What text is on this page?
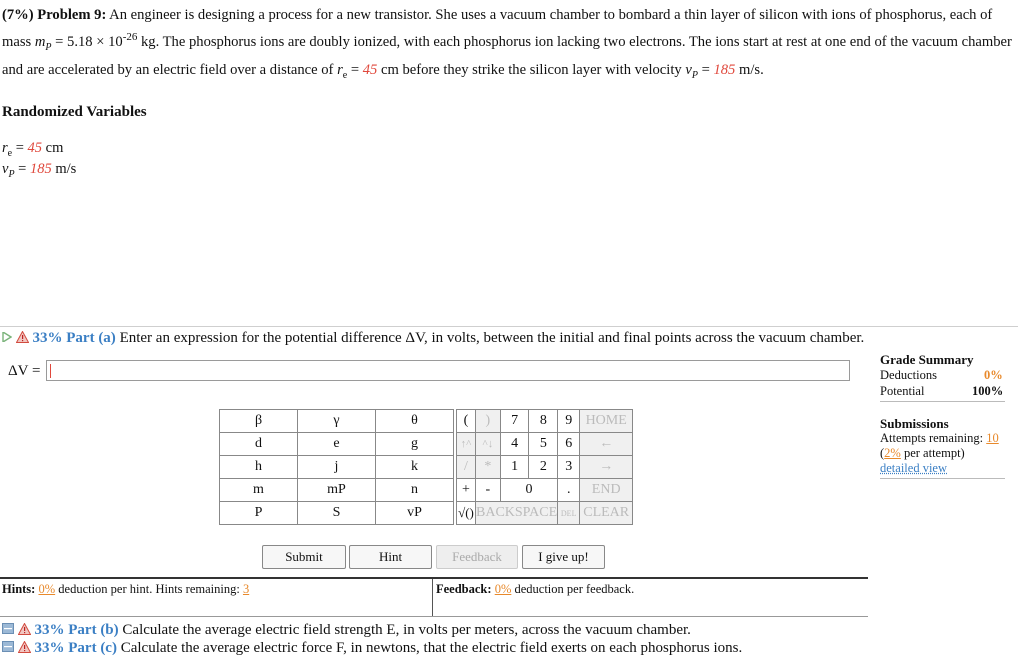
(7%) Problem 9: An engineer is designing a process for a new transistor. She uses a vacuum chamber to bombard a thin layer of silicon with ions of phosphorus, each of mass $m_P = 5.18 \times 10^{-26}$ kg. The phosphorus ions are doubly ionized, with each phosphorus ion lacking two electrons. The ions start at rest at one end of the vacuum chamber and are accelerated by an electric field over a distance of $r_e = 45$ cm before they strike the silicon layer with velocity $v_P = 185$ m/s.
Randomized Variables
$r_e = 45$ cm
$v_P = 185$ m/s
33% Part (a) Enter an expression for the potential difference ΔV, in volts, between the initial and final points across the vacuum chamber.
ΔV =
Grade Summary
Deductions	0%
Potential	100%
Submissions
Attempts remaining: 10
(2% per attempt)
detailed view
β	γ	θ
d	e	g
h	j	k
m	mP	n
P	S	vP
(	)	7	8	9	HOME
↑^	^↓	4	5	6	←
/	*	1	2	3	→
+	-	0		.	END
√()	BACKSPACE			DEL	CLEAR
Submit	Hint	Feedback	I give up!
Hints: 0% deduction per hint. Hints remaining: 3	Feedback: 0% deduction per feedback.
33% Part (b) Calculate the average electric field strength E, in volts per meters, across the vacuum chamber.
33% Part (c) Calculate the average electric force F, in newtons, that the electric field exerts on each phosphorus ions.
